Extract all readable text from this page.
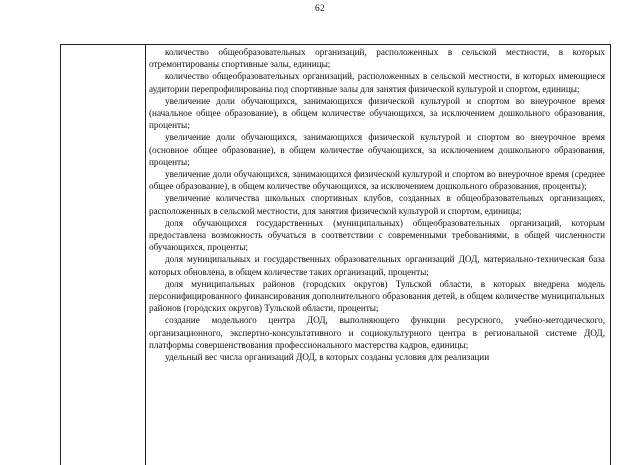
62

количество общеобразовательных организаций, расположенных в сельской местности, в которых отремонтированы спортивные залы, единицы;

количество общеобразовательных организаций, расположенных в сельской местности, в которых имеющиеся аудитории перепрофилированы под спортивные залы для занятия физической культурой и спортом, единицы;

увеличение доли обучающихся, занимающихся физической культурой и спортом во внеурочное время (начальное общее образование), в общем количестве обучающихся, за исключением дошкольного образования, проценты;

увеличение доли обучающихся, занимающихся физической культурой и спортом во внеурочное время (основное общее образование), в общем количестве обучающихся, за исключением дошкольного образования, проценты;

увеличение доли обучающихся, занимающихся физической культурой и спортом во внеурочное время (среднее общее образование), в общем количестве обучающихся, за исключением дошкольного образования, проценты);

увеличение количества школьных спортивных клубов, созданных в общеобразовательных организациях, расположенных в сельской местности, для занятия физической культурой и спортом, единицы;

доля обучающихся государственных (муниципальных) общеобразовательных организаций, которым предоставлена возможность обучаться в соответствии с современными требованиями, в общей численности обучающихся, проценты;

доля муниципальных и государственных образовательных организаций ДОД, материально-техническая база которых обновлена, в общем количестве таких организаций, проценты;

доля муниципальных районов (городских округов) Тульской области, в которых внедрена модель персонифицированного финансирования дополнительного образования детей, в общем количестве муниципальных районов (городских округов) Тульской области, проценты;

создание модельного центра ДОД, выполняющего функции ресурсного, учебно-методического, организационного, экспертно-консультативного и социокультурного центра в региональной системе ДОД, платформы совершенствования профессионального мастерства кадров, единицы;

удельный вес числа организаций ДОД, в которых созданы условия для реализации
